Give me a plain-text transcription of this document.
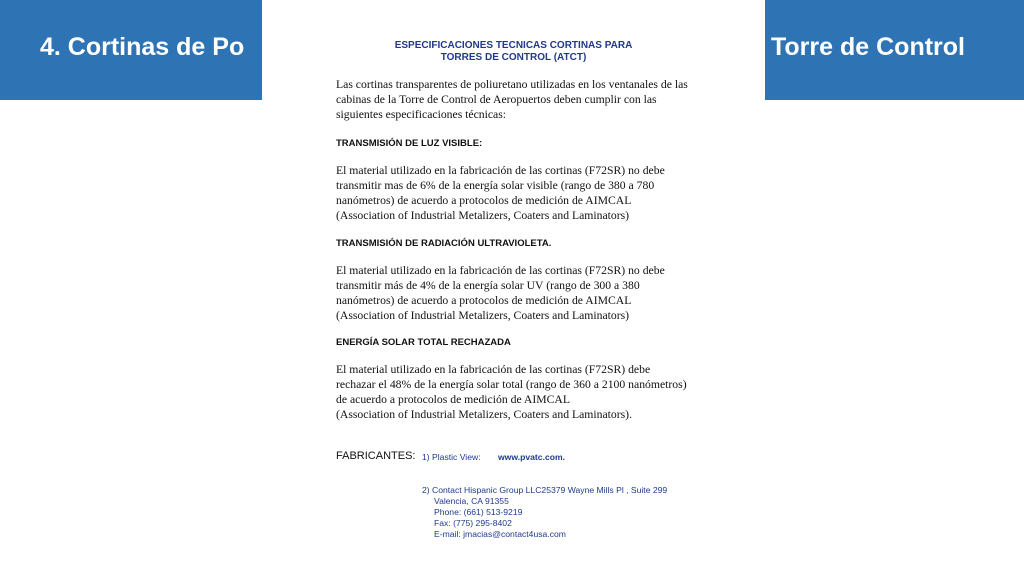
4. Cortinas de Po	Torre de Control
ESPECIFICACIONES TECNICAS CORTINAS PARA
TORRES DE CONTROL (ATCT)
Las cortinas transparentes de poliuretano utilizadas en los ventanales de las
cabinas de la Torre de Control de Aeropuertos deben cumplir con las
siguientes especificaciones técnicas:
TRANSMISIÓN DE LUZ VISIBLE:
El material utilizado en la fabricación de las cortinas (F72SR) no debe
transmitir mas de 6% de la energía solar visible (rango de 380 a 780
nanómetros) de acuerdo a protocolos de medición de AIMCAL
(Association of Industrial Metalizers, Coaters and Laminators)
TRANSMISIÓN DE RADIACIÓN ULTRAVIOLETA.
El material utilizado en la fabricación de las cortinas (F72SR) no debe
transmitir más de 4% de la energía solar UV (rango de 300 a 380
nanómetros) de acuerdo a protocolos de medición de AIMCAL
(Association of Industrial Metalizers, Coaters and Laminators)
ENERGÍA SOLAR TOTAL RECHAZADA
El material utilizado en la fabricación de las cortinas (F72SR) debe
rechazar el 48% de la energía solar total (rango de 360 a 2100 nanómetros)
de acuerdo a protocolos de medición de AIMCAL
(Association of Industrial Metalizers, Coaters and Laminators).
FABRICANTES: 1) Plastic View: www.pvatc.com.
2) Contact Hispanic Group LLC25379 Wayne Mills Pl , Suite 299
Valencia, CA 91355
Phone: (661) 513-9219
Fax: (775) 295-8402
E-mail: jmacias@contact4usa.com
